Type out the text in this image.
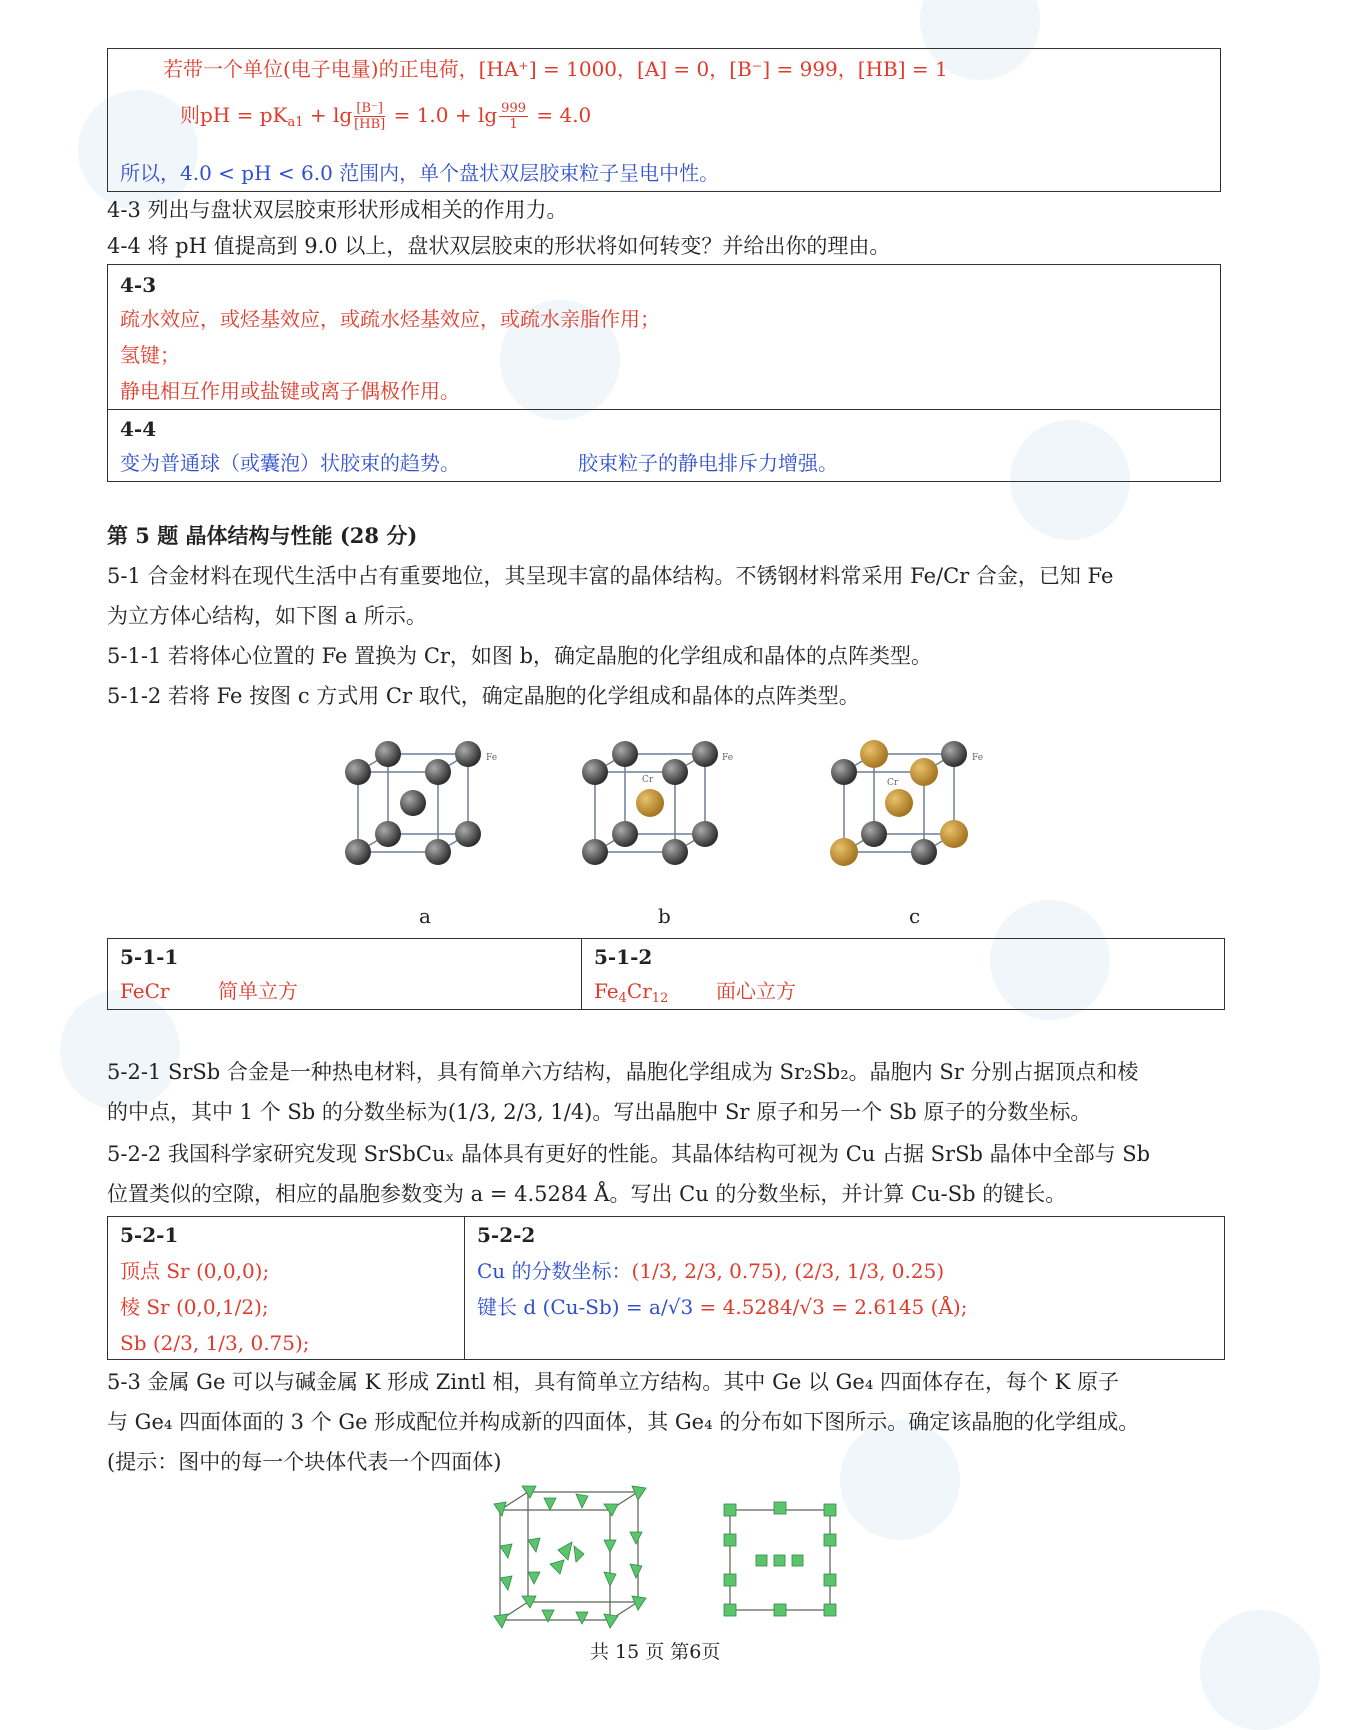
若带一个单位(电子电量)的正电荷，[HA⁺] = 1000，[A] = 0，[B⁻] = 999，[HB] = 1
则pH = $pK_{a1} + \lg \frac{[B^-]}{[HB]} = 1.0 + \lg \frac{999}{1} = 4.0$
所以，4.0 < pH < 6.0 范围内，单个盘状双层胶束粒子呈电中性。
4-3 列出与盘状双层胶束形状形成相关的作用力。
4-4 将 pH 值提高到 9.0 以上，盘状双层胶束的形状将如何转变？并给出你的理由。
4-3
疏水效应，或烃基效应，或疏水烃基效应，或疏水亲脂作用；
氢键；
静电相互作用或盐键或离子偶极作用。
4-4
变为普通球（或囊泡）状胶束的趋势。	胶束粒子的静电排斥力增强。
第 5 题 晶体结构与性能 (28 分)
5-1 合金材料在现代生活中占有重要地位，其呈现丰富的晶体结构。不锈钢材料常采用 Fe/Cr 合金，已知 Fe
为立方体心结构，如下图 a 所示。
5-1-1 若将体心位置的 Fe 置换为 Cr，如图 b，确定晶胞的化学组成和晶体的点阵类型。
5-1-2 若将 Fe 按图 c 方式用 Cr 取代，确定晶胞的化学组成和晶体的点阵类型。
Fe
Cr
Fe
Cr
Fe
a	b	c
5-1-1
FeCr 简单立方
5-1-2
$Fe_4Cr_{12}$ 面心立方
5-2-1 SrSb 合金是一种热电材料，具有简单六方结构，晶胞化学组成为 Sr₂Sb₂。晶胞内 Sr 分别占据顶点和棱
的中点，其中 1 个 Sb 的分数坐标为(1/3, 2/3, 1/4)。写出晶胞中 Sr 原子和另一个 Sb 原子的分数坐标。
5-2-2 我国科学家研究发现 SrSbCuₓ 晶体具有更好的性能。其晶体结构可视为 Cu 占据 SrSb 晶体中全部与 Sb
位置类似的空隙，相应的晶胞参数变为 a = 4.5284 Å。写出 Cu 的分数坐标，并计算 Cu-Sb 的键长。
5-2-1
顶点 Sr (0,0,0);
棱 Sr (0,0,1/2);
Sb (2/3, 1/3, 0.75);
5-2-2
Cu 的分数坐标：(1/3, 2/3, 0.75), (2/3, 1/3, 0.25)
键长 d (Cu-Sb) = a/√3 = 4.5284/√3 = 2.6145 (Å);
5-3 金属 Ge 可以与碱金属 K 形成 Zintl 相，具有简单立方结构。其中 Ge 以 Ge₄ 四面体存在，每个 K 原子
与 Ge₄ 四面体面的 3 个 Ge 形成配位并构成新的四面体，其 Ge₄ 的分布如下图所示。确定该晶胞的化学组成。
(提示：图中的每一个块体代表一个四面体)
共 15 页 第6页
